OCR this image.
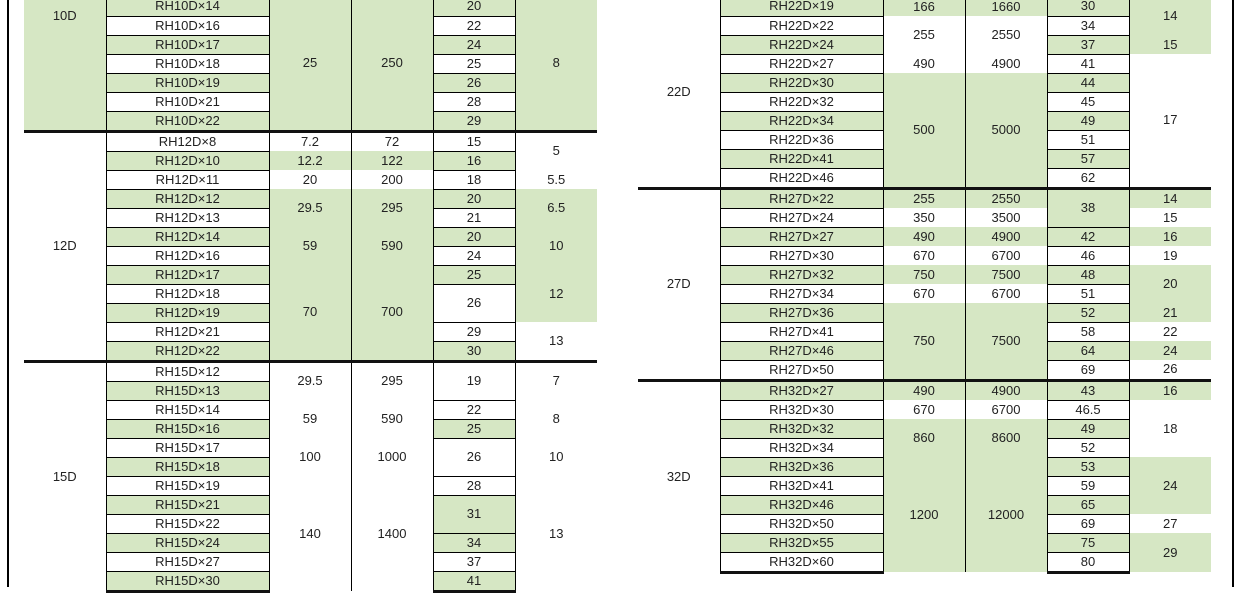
10D	RH10D×14	25	250	20	8
	RH10D×16			22	
	RH10D×17			24	
	RH10D×18			25	
	RH10D×19			26	
	RH10D×21			28	
	RH10D×22			29	
12D	RH12D×8	7.2	72	15	5
	RH12D×10	12.2	122	16	
	RH12D×11	20	200	18	5.5
	RH12D×12	29.5	295	20	6.5
	RH12D×13			21	
	RH12D×14	59	590	20	10
	RH12D×16			24	
	RH12D×17	70	700	25	12
	RH12D×18			26	
	RH12D×19				
	RH12D×21			29	13
	RH12D×22			30	
15D	RH15D×12	29.5	295	19	7
	RH15D×13				
	RH15D×14	59	590	22	8
	RH15D×16			25	
	RH15D×17	100	1000	26	10
	RH15D×18				
	RH15D×19	140	1400	28	13
	RH15D×21			31	
	RH15D×22				
	RH15D×24			34	
	RH15D×27			37	
	RH15D×30			41	
22D	RH22D×19	166	1660	30	14
	RH22D×22	255	2550	34	
	RH22D×24			37	15
	RH22D×27	490	4900	41	17
	RH22D×30	500	5000	44	
	RH22D×32			45	
	RH22D×34			49	
	RH22D×36			51	
	RH22D×41			57	
	RH22D×46			62	
27D	RH27D×22	255	2550	38	14
	RH27D×24	350	3500		15
	RH27D×27	490	4900	42	16
	RH27D×30	670	6700	46	19
	RH27D×32	750	7500	48	20
	RH27D×34	670	6700	51	
	RH27D×36	750	7500	52	21
	RH27D×41			58	22
	RH27D×46			64	24
	RH27D×50			69	26
32D	RH32D×27	490	4900	43	16
	RH32D×30	670	6700	46.5	18
	RH32D×32	860	8600	49	
	RH32D×34			52	
	RH32D×36	1200	12000	53	24
	RH32D×41			59	
	RH32D×46			65	
	RH32D×50			69	27
	RH32D×55			75	29
	RH32D×60			80	
